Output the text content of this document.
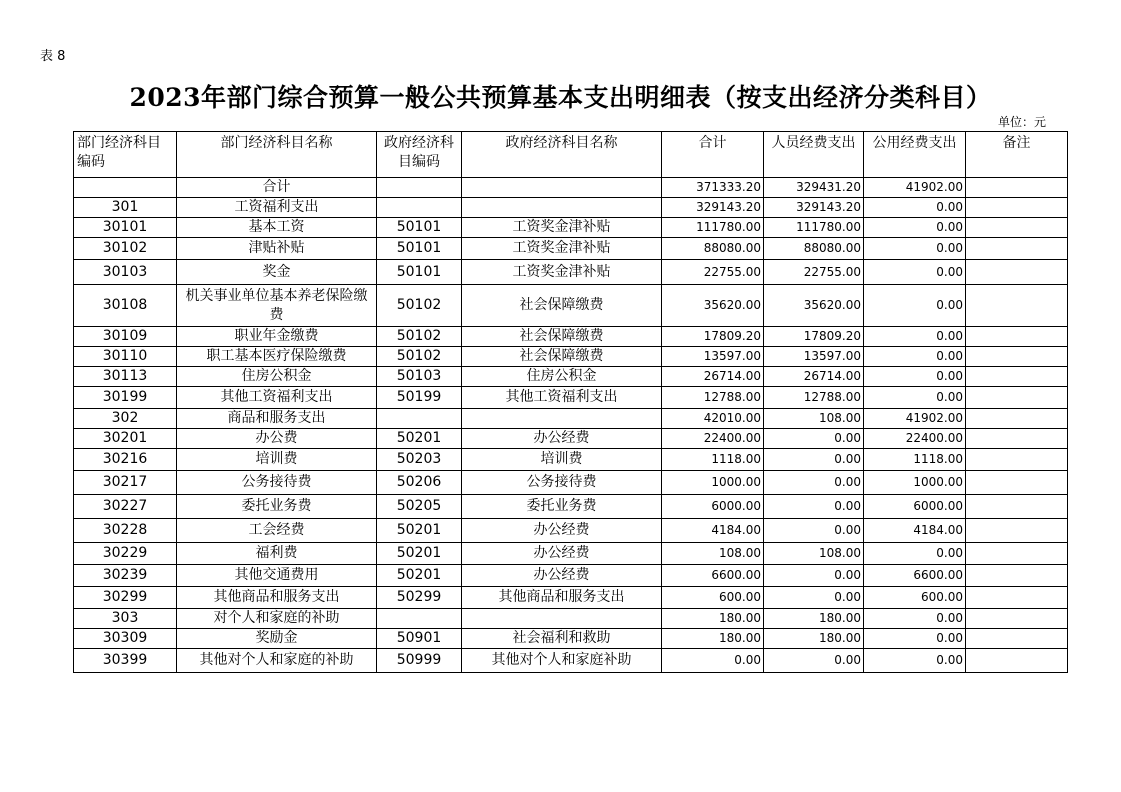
表 8
2023年部门综合预算一般公共预算基本支出明细表（按支出经济分类科目）
单位：元
部门经济科目编码	部门经济科目名称	政府经济科目编码	政府经济科目名称	合计	人员经费支出	公用经费支出	备注
	合计			371333.20	329431.20	41902.00	
301	工资福利支出			329143.20	329143.20	0.00	
30101	基本工资	50101	工资奖金津补贴	111780.00	111780.00	0.00	
30102	津贴补贴	50101	工资奖金津补贴	88080.00	88080.00	0.00	
30103	奖金	50101	工资奖金津补贴	22755.00	22755.00	0.00	
30108	机关事业单位基本养老保险缴费	50102	社会保障缴费	35620.00	35620.00	0.00	
30109	职业年金缴费	50102	社会保障缴费	17809.20	17809.20	0.00	
30110	职工基本医疗保险缴费	50102	社会保障缴费	13597.00	13597.00	0.00	
30113	住房公积金	50103	住房公积金	26714.00	26714.00	0.00	
30199	其他工资福利支出	50199	其他工资福利支出	12788.00	12788.00	0.00	
302	商品和服务支出			42010.00	108.00	41902.00	
30201	办公费	50201	办公经费	22400.00	0.00	22400.00	
30216	培训费	50203	培训费	1118.00	0.00	1118.00	
30217	公务接待费	50206	公务接待费	1000.00	0.00	1000.00	
30227	委托业务费	50205	委托业务费	6000.00	0.00	6000.00	
30228	工会经费	50201	办公经费	4184.00	0.00	4184.00	
30229	福利费	50201	办公经费	108.00	108.00	0.00	
30239	其他交通费用	50201	办公经费	6600.00	0.00	6600.00	
30299	其他商品和服务支出	50299	其他商品和服务支出	600.00	0.00	600.00	
303	对个人和家庭的补助			180.00	180.00	0.00	
30309	奖励金	50901	社会福利和救助	180.00	180.00	0.00	
30399	其他对个人和家庭的补助	50999	其他对个人和家庭补助	0.00	0.00	0.00	
